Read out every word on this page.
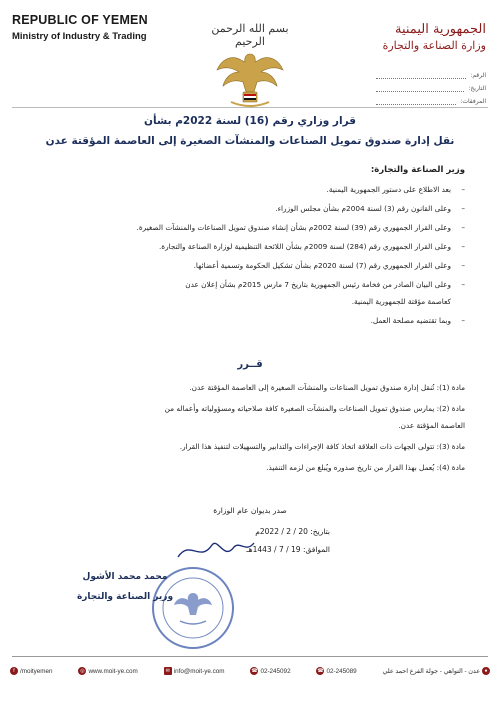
REPUBLIC OF YEMEN
Ministry of Industry & Trading
بسم الله الرحمن الرحيم
الجمهورية اليمنية
وزارة الصناعة والتجارة
الرقم:
التاريخ:
المرفقات:
قرار وزاري رقم (16) لسنة 2022م بشأن
نقل إدارة صندوق تمويل الصناعات والمنشآت الصغيرة إلى العاصمة المؤقتة عدن
وزير الصناعة والتجارة:
– بعد الاطلاع على دستور الجمهورية اليمنية.
– وعلى القانون رقم (3) لسنة 2004م بشأن مجلس الوزراء.
– وعلى القرار الجمهوري رقم (39) لسنة 2002م بشأن إنشاء صندوق تمويل الصناعات والمنشآت الصغيرة.
– وعلى القرار الجمهوري رقم (284) لسنة 2009م بشأن اللائحة التنظيمية لوزارة الصناعة والتجارة.
– وعلى القرار الجمهوري رقم (7) لسنة 2020م بشأن تشكيل الحكومة وتسمية أعضائها.
– وعلى البيان الصادر من فخامة رئيس الجمهورية بتاريخ 7 مارس 2015م بشأن إعلان عدن
كعاصمة مؤقتة للجمهورية اليمنية.
– وبما تقتضيه مصلحة العمل.
قــرر
مادة (1): تُنقل إدارة صندوق تمويل الصناعات والمنشآت الصغيرة إلى العاصمة المؤقتة عدن.
مادة (2): يمارس صندوق تمويل الصناعات والمنشآت الصغيرة كافة صلاحياته ومسؤولياته وأعماله من
العاصمة المؤقتة عدن.
مادة (3): تتولى الجهات ذات العلاقة اتخاذ كافة الإجراءات والتدابير والتسهيلات لتنفيذ هذا القرار.
مادة (4): يُعمل بهذا القرار من تاريخ صدوره ويُبلغ من لزمه التنفيذ.
صدر بديوان عام الوزارة
بتاريخ: 20 / 2 / 2022م
الموافق: 19 / 7 / 1443هـ
محمد محمد الأشول
وزير الصناعة والتجارة
f /moityemen	◎ www.moit-ye.com	✉ info@moit-ye.com	☎ 02-245092	☎ 02-245089	●
عدن - التواهي - جولة الفرع احمد علي
